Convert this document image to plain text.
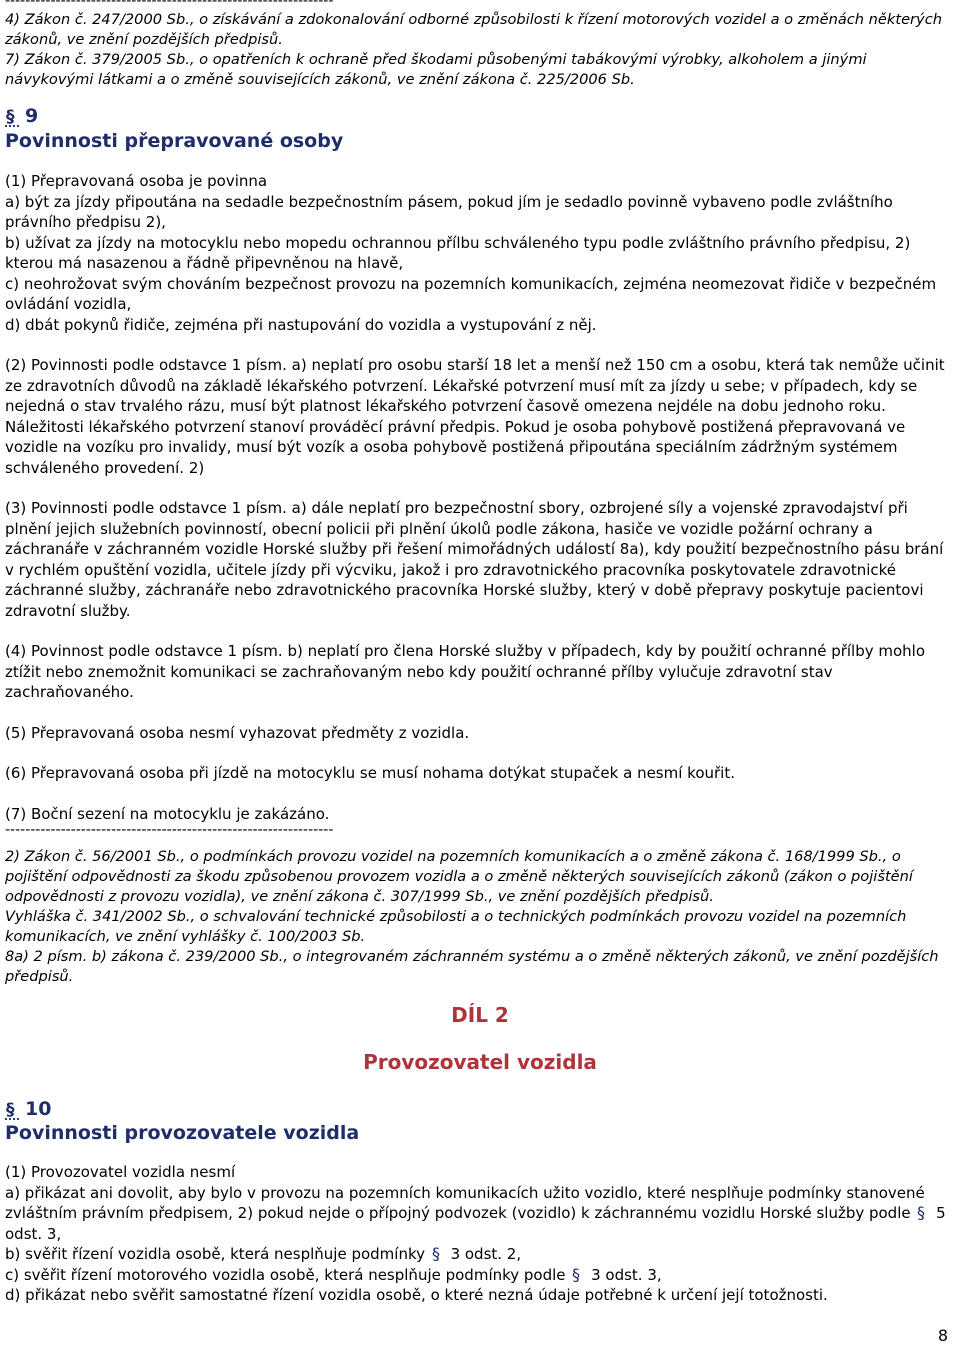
-----------------------------------------------------------------

4) Zákon č. 247/2000 Sb., o získávání a zdokonalování odborné způsobilosti k řízení motorových vozidel a o změnách některých zákonů, ve znění pozdějších předpisů.

7) Zákon č. 379/2005 Sb., o opatřeních k ochraně před škodami působenými tabákovými výrobky, alkoholem a jinými návykovými látkami a o změně souvisejících zákonů, ve znění zákona č. 225/2006 Sb.

§ 9
Povinnosti přepravované osoby

(1) Přepravovaná osoba je povinna

a) být za jízdy připoutána na sedadle bezpečnostním pásem, pokud jím je sedadlo povinně vybaveno podle zvláštního právního předpisu 2),

b) užívat za jízdy na motocyklu nebo mopedu ochrannou přílbu schváleného typu podle zvláštního právního předpisu, 2) kterou má nasazenou a řádně připevněnou na hlavě,

c) neohrožovat svým chováním bezpečnost provozu na pozemních komunikacích, zejména neomezovat řidiče v bezpečném ovládání vozidla,

d) dbát pokynů řidiče, zejména při nastupování do vozidla a vystupování z něj.

(2) Povinnosti podle odstavce 1 písm. a) neplatí pro osobu starší 18 let a menší než 150 cm a osobu, která tak nemůže učinit ze zdravotních důvodů na základě lékařského potvrzení. Lékařské potvrzení musí mít za jízdy u sebe; v případech, kdy se nejedná o stav trvalého rázu, musí být platnost lékařského potvrzení časově omezena nejdéle na dobu jednoho roku. Náležitosti lékařského potvrzení stanoví prováděcí právní předpis. Pokud je osoba pohybově postižená přepravovaná ve vozidle na vozíku pro invalidy, musí být vozík a osoba pohybově postižená připoutána speciálním zádržným systémem schváleného provedení. 2)

(3) Povinnosti podle odstavce 1 písm. a) dále neplatí pro bezpečnostní sbory, ozbrojené síly a vojenské zpravodajství při plnění jejich služebních povinností, obecní policii při plnění úkolů podle zákona, hasiče ve vozidle požární ochrany a záchranáře v záchranném vozidle Horské služby při řešení mimořádných událostí 8a), kdy použití bezpečnostního pásu brání v rychlém opuštění vozidla, učitele jízdy při výcviku, jakož i pro zdravotnického pracovníka poskytovatele zdravotnické záchranné služby, záchranáře nebo zdravotnického pracovníka Horské služby, který v době přepravy poskytuje pacientovi zdravotní služby.

(4) Povinnost podle odstavce 1 písm. b) neplatí pro člena Horské služby v případech, kdy by použití ochranné přílby mohlo ztížit nebo znemožnit komunikaci se zachraňovaným nebo kdy použití ochranné přílby vylučuje zdravotní stav zachraňovaného.

(5) Přepravovaná osoba nesmí vyhazovat předměty z vozidla.

(6) Přepravovaná osoba při jízdě na motocyklu se musí nohama dotýkat stupaček a nesmí kouřit.

(7) Boční sezení na motocyklu je zakázáno.

-----------------------------------------------------------------

2) Zákon č. 56/2001 Sb., o podmínkách provozu vozidel na pozemních komunikacích a o změně zákona č. 168/1999 Sb., o pojištění odpovědnosti za škodu způsobenou provozem vozidla a o změně některých souvisejících zákonů (zákon o pojištění odpovědnosti z provozu vozidla), ve znění zákona č. 307/1999 Sb., ve znění pozdějších předpisů.

Vyhláška č. 341/2002 Sb., o schvalování technické způsobilosti a o technických podmínkách provozu vozidel na pozemních komunikacích, ve znění vyhlášky č. 100/2003 Sb.

8a) 2 písm. b) zákona č. 239/2000 Sb., o integrovaném záchranném systému a o změně některých zákonů, ve znění pozdějších předpisů.

DÍL 2
Provozovatel vozidla
§ 10
Povinnosti provozovatele vozidla

(1) Provozovatel vozidla nesmí

a) přikázat ani dovolit, aby bylo v provozu na pozemních komunikacích užito vozidlo, které nesplňuje podmínky stanovené zvláštním právním předpisem, 2) pokud nejde o přípojný podvozek (vozidlo) k záchrannému vozidlu Horské služby podle § 5 odst. 3,

b) svěřit řízení vozidla osobě, která nesplňuje podmínky § 3 odst. 2,

c) svěřit řízení motorového vozidla osobě, která nesplňuje podmínky podle § 3 odst. 3,

d) přikázat nebo svěřit samostatné řízení vozidla osobě, o které nezná údaje potřebné k určení její totožnosti.

8
